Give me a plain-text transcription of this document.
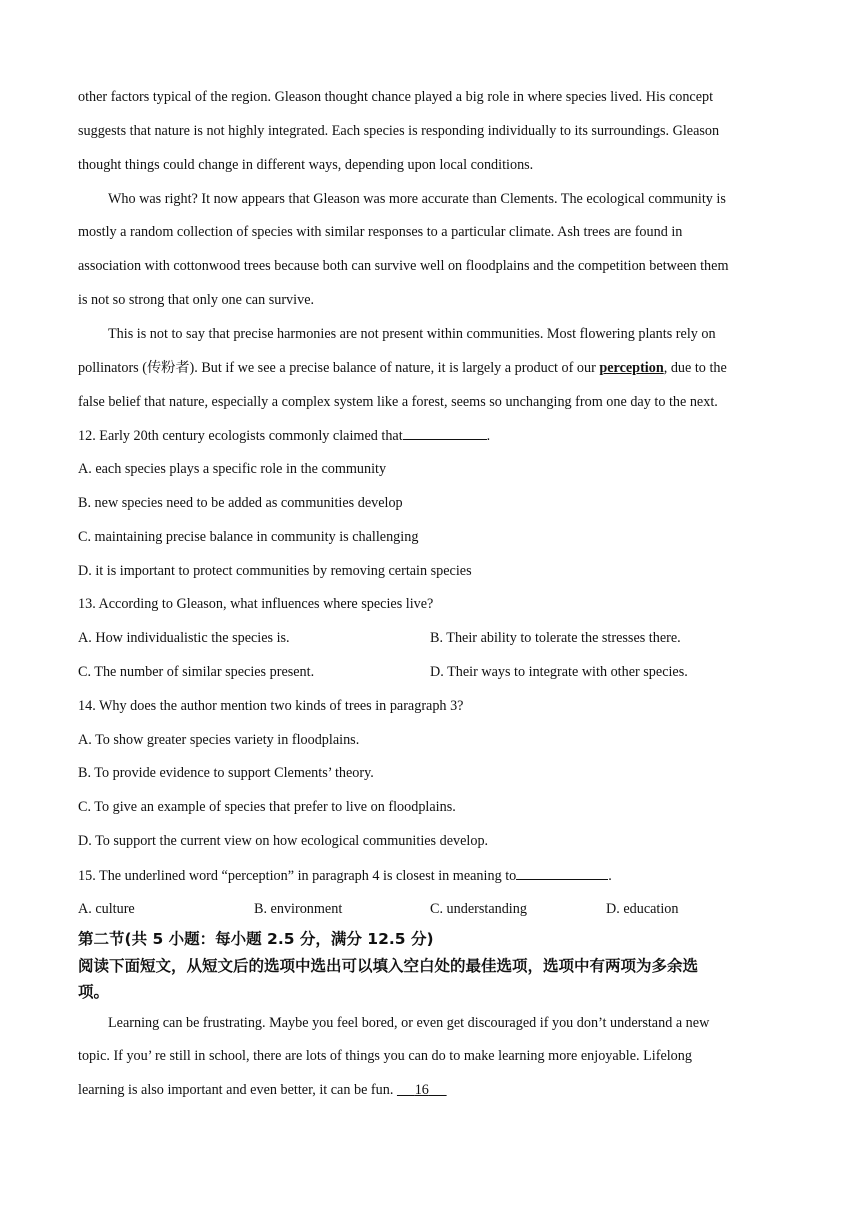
other factors typical of the region. Gleason thought chance played a big role in where species lived. His concept
suggests that nature is not highly integrated. Each species is responding individually to its surroundings. Gleason
thought things could change in different ways, depending upon local conditions.
Who was right? It now appears that Gleason was more accurate than Clements. The ecological community is
mostly a random collection of species with similar responses to a particular climate. Ash trees are found in
association with cottonwood trees because both can survive well on floodplains and the competition between them
is not so strong that only one can survive.
This is not to say that precise harmonies are not present within communities. Most flowering plants rely on
pollinators (传粉者). But if we see a precise balance of nature, it is largely a product of our perception, due to the
false belief that nature, especially a complex system like a forest, seems so unchanging from one day to the next.
12. Early 20th century ecologists commonly claimed that	.
A. each species plays a specific role in the community
B. new species need to be added as communities develop
C. maintaining precise balance in community is challenging
D. it is important to protect communities by removing certain species
13. According to Gleason, what influences where species live?
A. How individualistic the species is.	B. Their ability to tolerate the stresses there.
C. The number of similar species present.	D. Their ways to integrate with other species.
14. Why does the author mention two kinds of trees in paragraph 3?
A. To show greater species variety in floodplains.
B. To provide evidence to support Clements’ theory.
C. To give an example of species that prefer to live on floodplains.
D. To support the current view on how ecological communities develop.
15. The underlined word “perception” in paragraph 4 is closest in meaning to	.
A. culture	B. environment	C. understanding	D. education
第二节(共 5 小题：每小题 2.5 分，满分 12.5 分)
阅读下面短文，从短文后的选项中选出可以填入空白处的最佳选项，选项中有两项为多余选
项。
Learning can be frustrating. Maybe you feel bored, or even get discouraged if you don’t understand a new
topic. If you’ re still in school, there are lots of things you can do to make learning more enjoyable. Lifelong
learning is also important and even better, it can be fun.      16
